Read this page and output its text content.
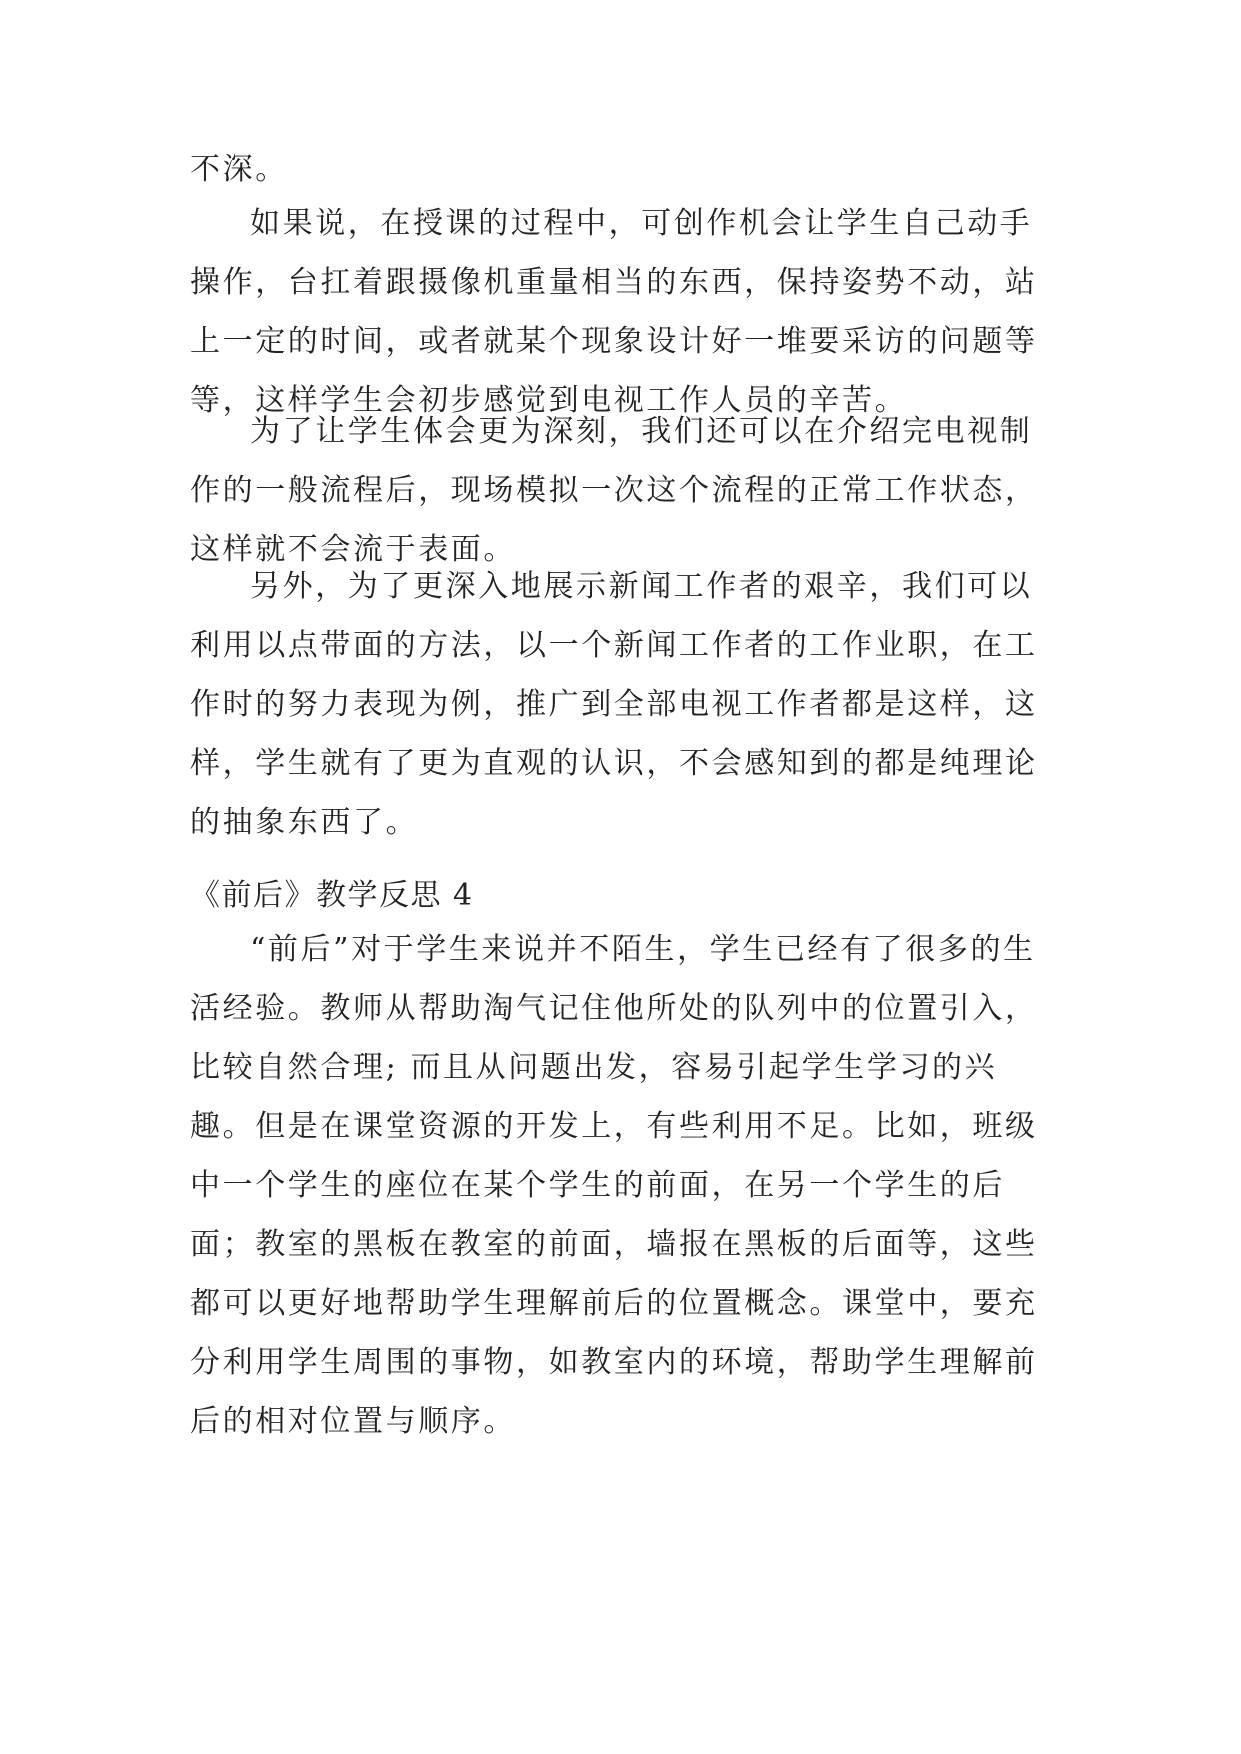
不深。

如果说，在授课的过程中，可创作机会让学生自己动手操作，台扛着跟摄像机重量相当的东西，保持姿势不动，站上一定的时间，或者就某个现象设计好一堆要采访的问题等等，这样学生会初步感觉到电视工作人员的辛苦。

为了让学生体会更为深刻，我们还可以在介绍完电视制作的一般流程后，现场模拟一次这个流程的正常工作状态，这样就不会流于表面。

另外，为了更深入地展示新闻工作者的艰辛，我们可以利用以点带面的方法，以一个新闻工作者的工作业职，在工作时的努力表现为例，推广到全部电视工作者都是这样，这样，学生就有了更为直观的认识，不会感知到的都是纯理论的抽象东西了。

《前后》教学反思 4

“前后”对于学生来说并不陌生，学生已经有了很多的生活经验。教师从帮助淘气记住他所处的队列中的位置引入，比较自然合理; 而且从问题出发，容易引起学生学习的兴趣。但是在课堂资源的开发上，有些利用不足。比如，班级中一个学生的座位在某个学生的前面，在另一个学生的后面；教室的黑板在教室的前面，墙报在黑板的后面等，这些都可以更好地帮助学生理解前后的位置概念。课堂中，要充分利用学生周围的事物，如教室内的环境，帮助学生理解前后的相对位置与顺序。
